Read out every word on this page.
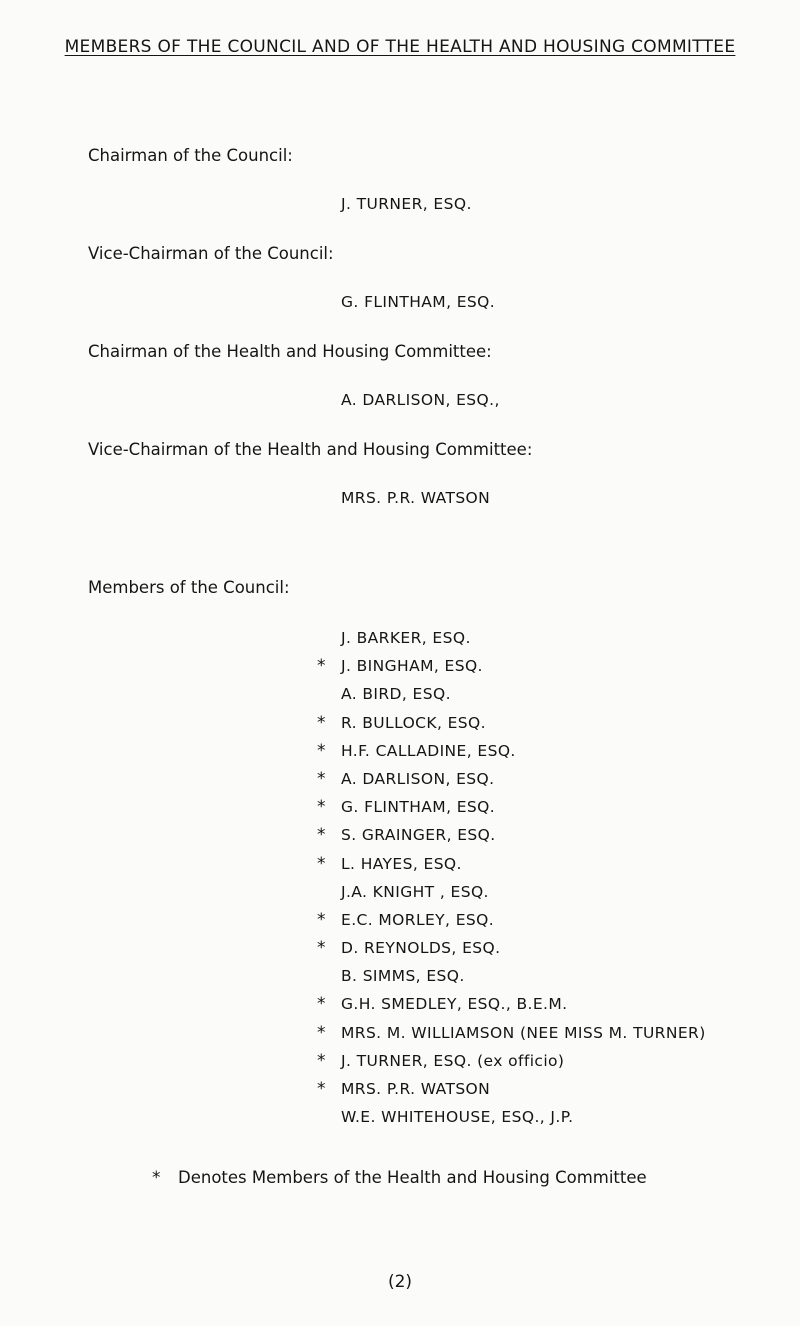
MEMBERS OF THE COUNCIL AND OF THE HEALTH AND HOUSING COMMITTEE
Chairman of the Council:
J. TURNER, ESQ.
Vice-Chairman of the Council:
G. FLINTHAM, ESQ.
Chairman of the Health and Housing Committee:
A. DARLISON, ESQ.,
Vice-Chairman of the Health and Housing Committee:
MRS. P.R. WATSON
Members of the Council:
J. BARKER, ESQ.
* J. BINGHAM, ESQ.
A. BIRD, ESQ.
* R. BULLOCK, ESQ.
* H.F. CALLADINE, ESQ.
* A. DARLISON, ESQ.
* G. FLINTHAM, ESQ.
* S. GRAINGER, ESQ.
* L. HAYES, ESQ.
J.A. KNIGHT , ESQ.
* E.C. MORLEY, ESQ.
* D. REYNOLDS, ESQ.
B. SIMMS, ESQ.
* G.H. SMEDLEY, ESQ., B.E.M.
* MRS. M. WILLIAMSON (NEE MISS M. TURNER)
* J. TURNER, ESQ. (ex officio)
* MRS. P.R. WATSON
W.E. WHITEHOUSE, ESQ., J.P.
* Denotes Members of the Health and Housing Committee
(2)
